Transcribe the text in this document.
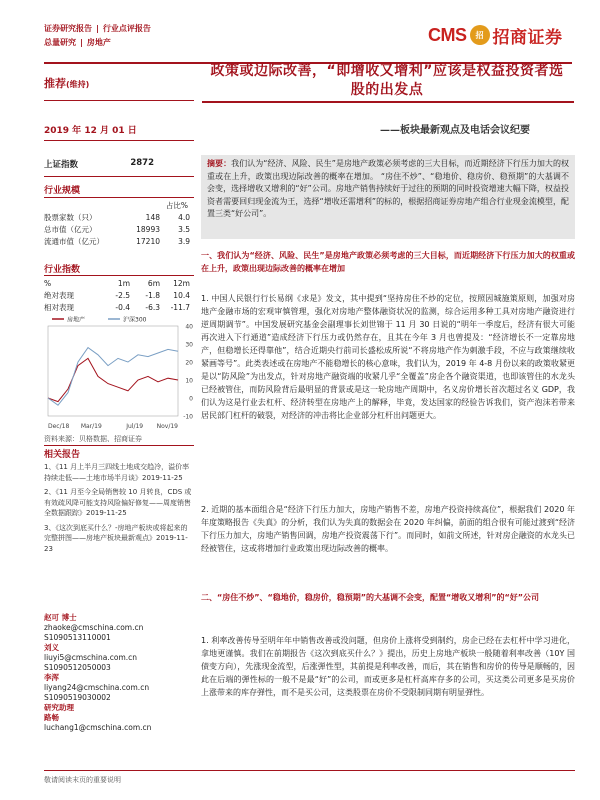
证券研究报告 | 行业点评报告
总量研究 | 房地产	CMS	招 招商证券
推荐(维持)
政策或边际改善，“即增收又增利”应该是权益投资者选股的出发点
2019 年 12 月 01 日	——板块最新观点及电话会议纪要
上证指数	2872
行业规模
占比%
股票家数（只）	148	4.0
总市值（亿元）	18993	3.5
流通市值（亿元）	17210	3.9
行业指数
%	1m	6m	12m
绝对表现	-2.5	-1.8	10.4
相对表现	-0.4	-6.3	-11.7
40
30
20
10
0
-10
Dec/18 Mar/19	Jul/19 Nov/19
房地产	沪深300
资料来源：贝格数据、招商证券
相关报告

1、《11 月上半月三四线土地成交趋冷，溢价率持续走低——土地市场半月谈》2019-11-25

2、《11 月至今全局销售较 10 月转良，CDS 或有效疏风降可能支持风险偏好修复——周度销售全数据跟踪》2019-11-25

3、《这次到底买什么？-房地产板块或将起来的完整拼图——房地产板块最新观点》2019-11-23

赵可 博士
zhaoke@cmschina.com.cn
S1090513110001
刘义
liuyi5@cmschina.com.cn
S1090512050003
李浑
liyang24@cmschina.com.cn
S1090519030002
研究助理
路畅
luchang1@cmschina.com.cn
摘要：我们认为“经济、风险、民生”是房地产政策必须考虑的三大目标，而近期经济下行压力加大的权重或在上升，政策出现边际改善的概率在增加。 “房住不炒”、“稳地价、稳房价、稳预期”的大基调不会变，选择增收又增利的“好”公司。房地产销售持续好于过往的预期的同时投资增速大幅下降，权益投资者需要回归现金流为王，选择“增收还需增利”的标的，根据招商证券房地产组合行业现金流模型，配置三类“好公司”。
一、我们认为“经济、风险、民生”是房地产政策必须考虑的三大目标，而近期经济下行压力加大的权重或在上升，政策出现边际改善的概率在增加
1. 中国人民银行行长易纲《求是》发文，其中提到“坚持房住不炒的定位，按照因城施策原则，加强对房地产金融市场的宏观审慎管理，强化对房地产整体融资状况的监测，综合运用多种工具对房地产融资进行逆周期调节”。中国发展研究基金会副理事长刘世锦于 11 月 30 日说的“明年一季度后，经济有很大可能再次进入下行通道”造成经济下行压力或仍然存在，且其在今年 3 月也曾提及：“经济增长不一定靠房地产，但稳增长还得靠他”，结合近期央行前司长盛松成所说“不将房地产作为刺激手段，不应与政策继续收紧画等号”。此类表述或在房地产不能稳增长的核心意味，我们认为，2019 年 4-8 月份以来的政策收紧更是以“防风险”为出发点，针对房地产融资端的收紧几乎“全覆盖”房企各个融资渠道，也即该管住的水龙头已经被管住，而防风险背后最明显的背景或是这一轮房地产周期中，名义房价增长首次超过名义 GDP，我们认为这是行业去杠杆、经济转型在房地产上的解释，毕竟，发达国家的经验告诉我们，资产泡沫若带来居民部门杠杆的破裂，对经济的冲击将比企业部分杠杆出问题更大。
2. 近期的基本面组合是“经济下行压力加大，房地产销售不差，房地产投资持续高位”，根据我们 2020 年年度策略报告《失真》的分析，我们认为失真的数据会在 2020 年纠偏，前面的组合很有可能过渡到“经济下行压力加大，房地产销售回调，房地产投资震荡下行”。而同时，如前文所述，针对房企融资的水龙头已经被管住，这或将增加行业政策出现边际改善的概率。
二、“房住不炒”、“稳地价，稳房价，稳预期”的大基调不会变，配置“增收又增利”的“好”公司
1. 利率改善传导至明年年中销售改善或没问题，但房价上涨将受到制约，房企已经在去杠杆中学习进化，拿地更谨慎。我们在前期报告《这次到底买什么？》提出，历史上房地产板块一般随着利率改善（10Y 国债变方向），先涨现金流型，后涨弹性型，其前提是利率改善，而后，其在销售和房价的传导是顺畅的，因此在后端的弹性标的一般不是最“好”的公司，而或更多是杠杆高库存多的公司，买这类公司更多是买房价上涨带来的库存弹性，而不是买公司，这类股票在房价不受限制同期有明显弹性。
敬请阅读末页的重要说明
